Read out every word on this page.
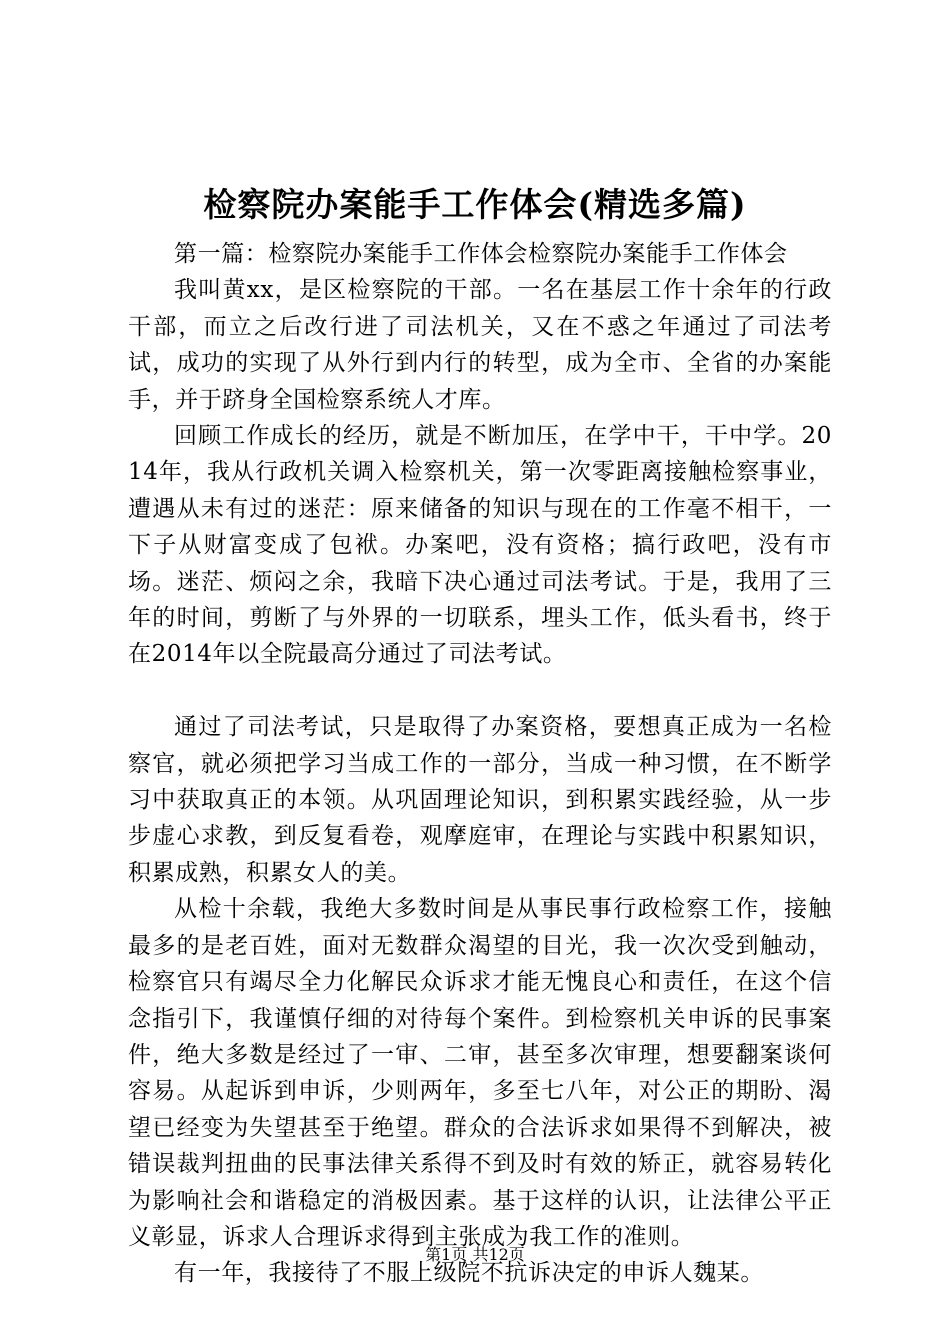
检察院办案能手工作体会(精选多篇)

第一篇：检察院办案能手工作体会检察院办案能手工作体会

我叫黄xx，是区检察院的干部。一名在基层工作十余年的行政干部，而立之后改行进了司法机关，又在不惑之年通过了司法考试，成功的实现了从外行到内行的转型，成为全市、全省的办案能手，并于跻身全国检察系统人才库。

回顾工作成长的经历，就是不断加压，在学中干，干中学。2014年，我从行政机关调入检察机关，第一次零距离接触检察事业，遭遇从未有过的迷茫：原来储备的知识与现在的工作毫不相干，一下子从财富变成了包袱。办案吧，没有资格；搞行政吧，没有市场。迷茫、烦闷之余，我暗下决心通过司法考试。于是，我用了三年的时间，剪断了与外界的一切联系，埋头工作，低头看书，终于在2014年以全院最高分通过了司法考试。

通过了司法考试，只是取得了办案资格，要想真正成为一名检察官，就必须把学习当成工作的一部分，当成一种习惯，在不断学习中获取真正的本领。从巩固理论知识，到积累实践经验，从一步步虚心求教，到反复看卷，观摩庭审，在理论与实践中积累知识，积累成熟，积累女人的美。

从检十余载，我绝大多数时间是从事民事行政检察工作，接触最多的是老百姓，面对无数群众渴望的目光，我一次次受到触动，检察官只有竭尽全力化解民众诉求才能无愧良心和责任，在这个信念指引下，我谨慎仔细的对待每个案件。到检察机关申诉的民事案件，绝大多数是经过了一审、二审，甚至多次审理，想要翻案谈何容易。从起诉到申诉，少则两年，多至七八年，对公正的期盼、渴望已经变为失望甚至于绝望。群众的合法诉求如果得不到解决，被错误裁判扭曲的民事法律关系得不到及时有效的矫正，就容易转化为影响社会和谐稳定的消极因素。基于这样的认识，让法律公平正义彰显，诉求人合理诉求得到主张成为我工作的准则。

有一年，我接待了不服上级院不抗诉决定的申诉人魏某。

第1页 共12页
